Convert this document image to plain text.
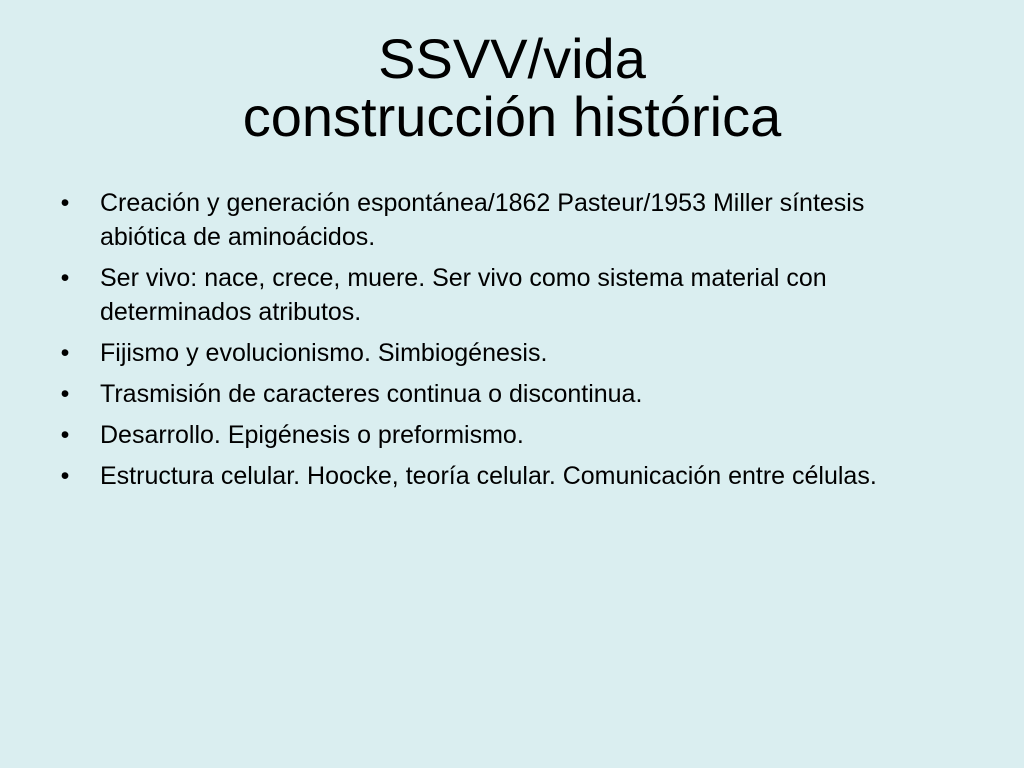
SSVV/vida
construcción histórica
• Creación y generación espontánea/1862 Pasteur/1953 Miller síntesis abiótica de aminoácidos.
• Ser vivo: nace, crece, muere. Ser vivo como sistema material con determinados atributos.
• Fijismo y evolucionismo. Simbiogénesis.
• Trasmisión de caracteres continua o discontinua.
• Desarrollo. Epigénesis o preformismo.
• Estructura celular. Hoocke, teoría celular. Comunicación entre células.
